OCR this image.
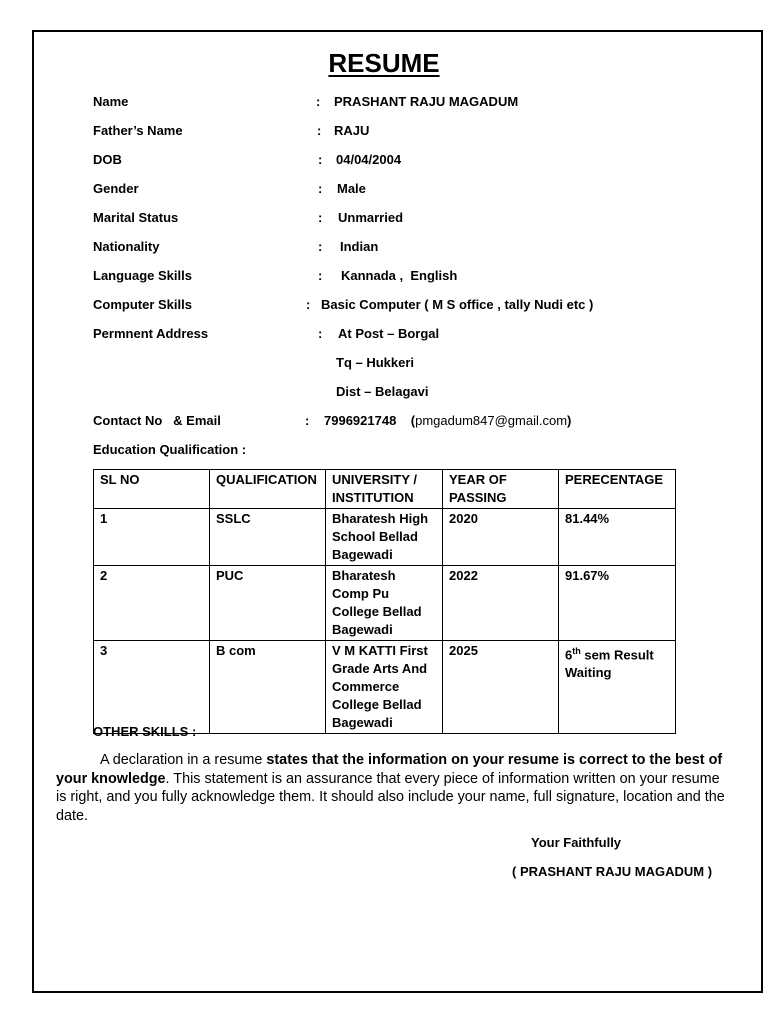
RESUME
Name	: PRASHANT RAJU MAGADUM
Father’s Name	: RAJU
DOB	: 04/04/2004
Gender	: Male
Marital Status	: Unmarried
Nationality	: Indian
Language Skills	: Kannada ,  English
Computer Skills	: Basic Computer ( M S office , tally Nudi etc )
Permnent Address	: At Post – Borgal
Tq – Hukkeri
Dist – Belagavi
Contact No   & Email	: 7996921748    (pmgadum847@gmail.com)
Education Qualification :
SL NO	QUALIFICATION	UNIVERSITY / INSTITUTION	YEAR OF PASSING	PERECENTAGE
1	SSLC	Bharatesh High School Bellad Bagewadi	2020	81.44%
2	PUC	Bharatesh Comp Pu College Bellad Bagewadi	2022	91.67%
3	B com	V M KATTI First Grade Arts And Commerce College Bellad Bagewadi	2025	6th sem Result Waiting
OTHER SKILLS :

A declaration in a resume states that the information on your resume is correct to the best of your knowledge. This statement is an assurance that every piece of information written on your resume is right, and you fully acknowledge them. It should also include your name, full signature, location and the date.

Your Faithfully
( PRASHANT RAJU MAGADUM )
